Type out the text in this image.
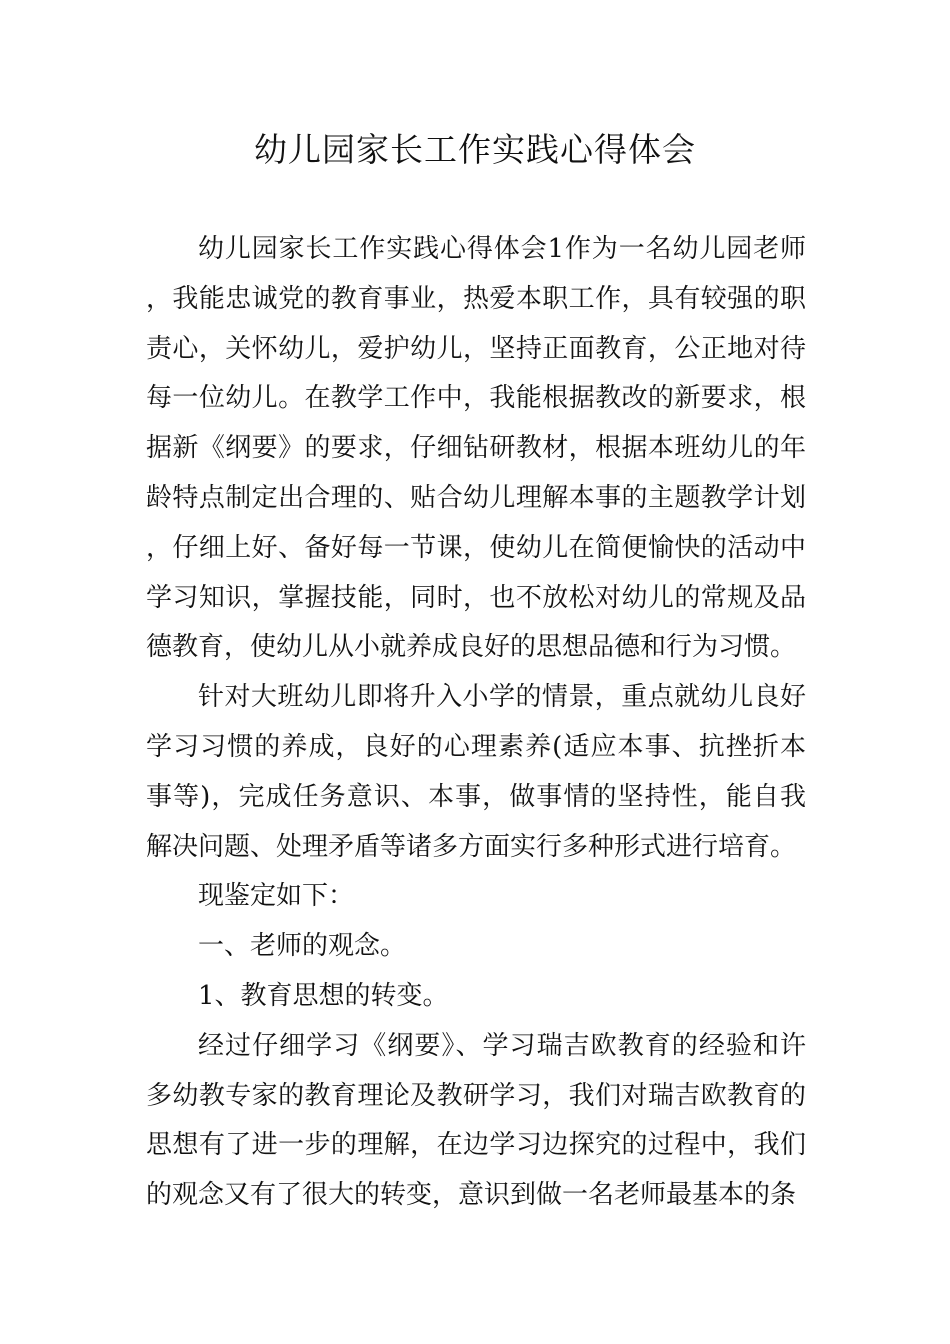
幼儿园家长工作实践心得体会

幼儿园家长工作实践心得体会1作为一名幼儿园老师，我能忠诚党的教育事业，热爱本职工作，具有较强的职责心，关怀幼儿，爱护幼儿，坚持正面教育，公正地对待每一位幼儿。在教学工作中，我能根据教改的新要求，根据新《纲要》的要求，仔细钻研教材，根据本班幼儿的年龄特点制定出合理的、贴合幼儿理解本事的主题教学计划，仔细上好、备好每一节课，使幼儿在简便愉快的活动中学习知识，掌握技能，同时，也不放松对幼儿的常规及品德教育，使幼儿从小就养成良好的思想品德和行为习惯。

针对大班幼儿即将升入小学的情景，重点就幼儿良好学习习惯的养成，良好的心理素养(适应本事、抗挫折本事等)，完成任务意识、本事，做事情的坚持性，能自我解决问题、处理矛盾等诸多方面实行多种形式进行培育。

现鉴定如下：

一、老师的观念。

1、教育思想的转变。

经过仔细学习《纲要》、学习瑞吉欧教育的经验和许多幼教专家的教育理论及教研学习，我们对瑞吉欧教育的思想有了进一步的理解，在边学习边探究的过程中，我们的观念又有了很大的转变，意识到做一名老师最基本的条
